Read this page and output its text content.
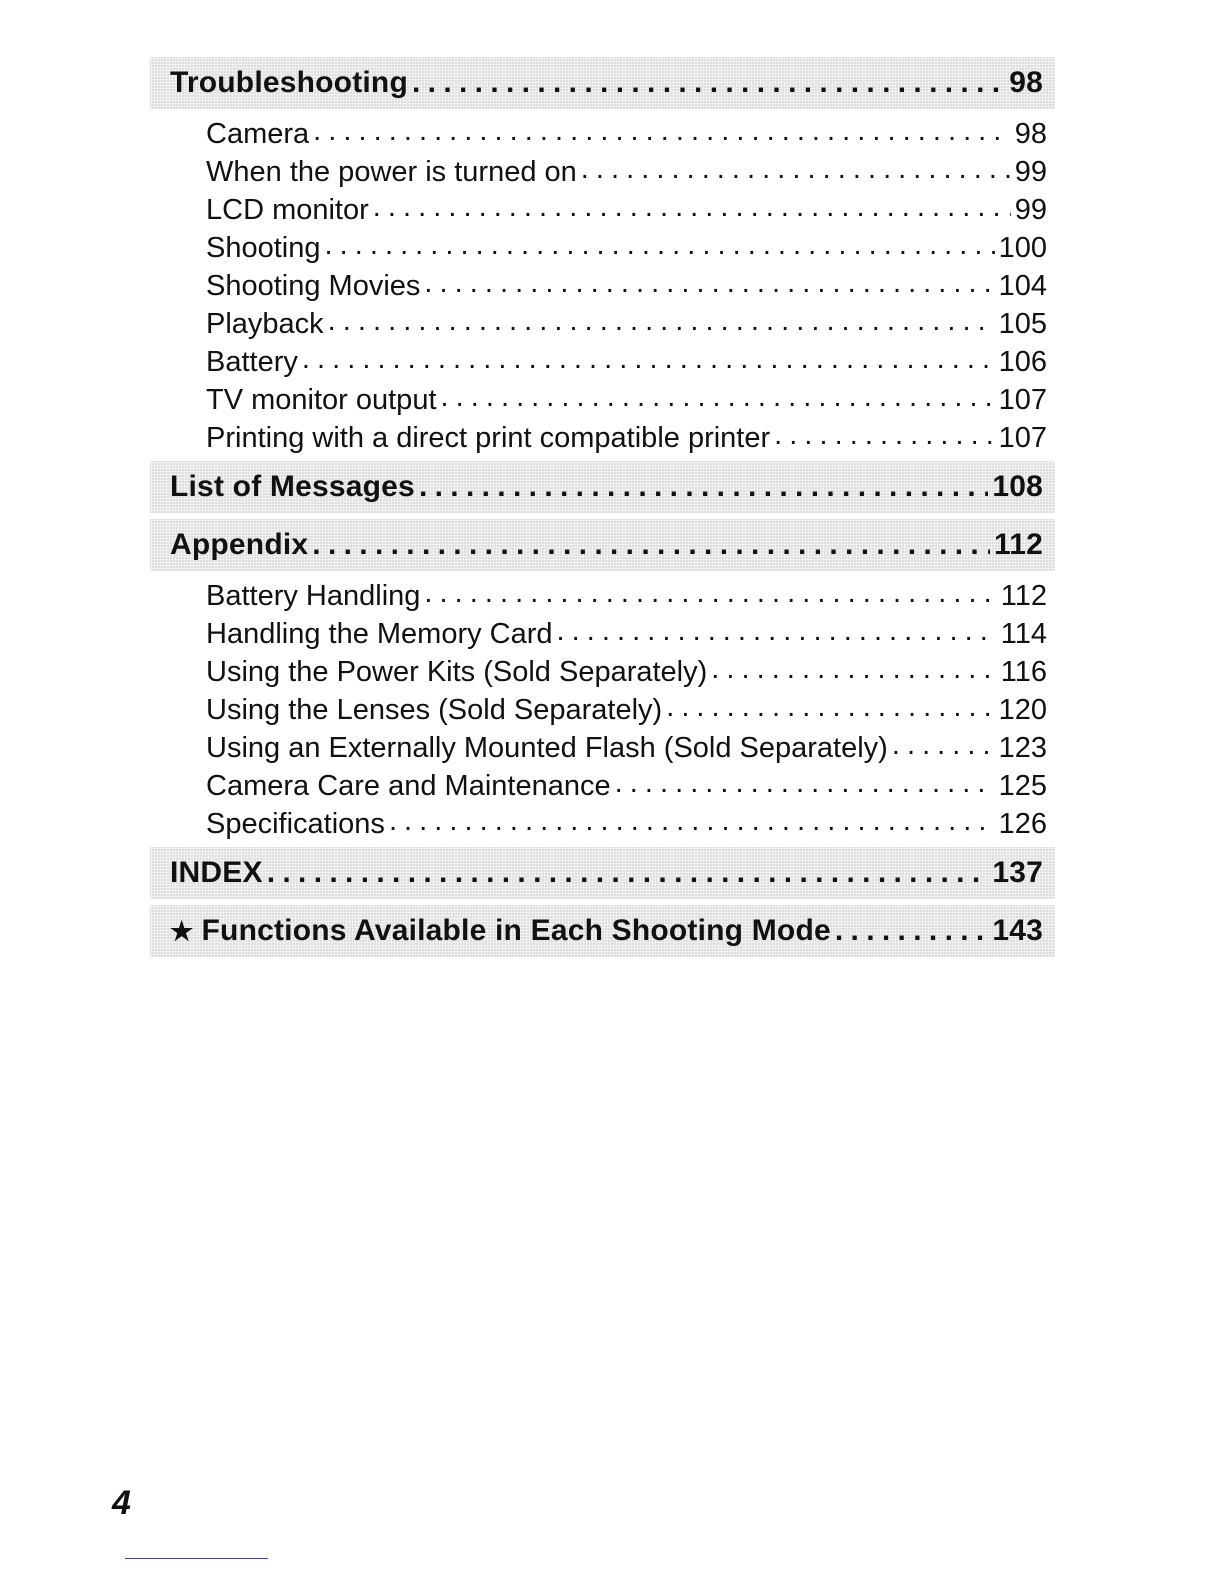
Troubleshooting . . .	98
Camera . . .	98
When the power is turned on . . .	99
LCD monitor . . .	99
Shooting . . .	100
Shooting Movies . . .	104
Playback . . .	105
Battery . . .	106
TV monitor output . . .	107
Printing with a direct print compatible printer . . .	107
List of Messages . . .	108
Appendix . . .	112
Battery Handling . . .	112
Handling the Memory Card . . .	114
Using the Power Kits (Sold Separately) . . .	116
Using the Lenses (Sold Separately) . . .	120
Using an Externally Mounted Flash (Sold Separately) . . .	123
Camera Care and Maintenance . . .	125
Specifications . . .	126
INDEX . . .	137
★ Functions Available in Each Shooting Mode . . .	143
4
